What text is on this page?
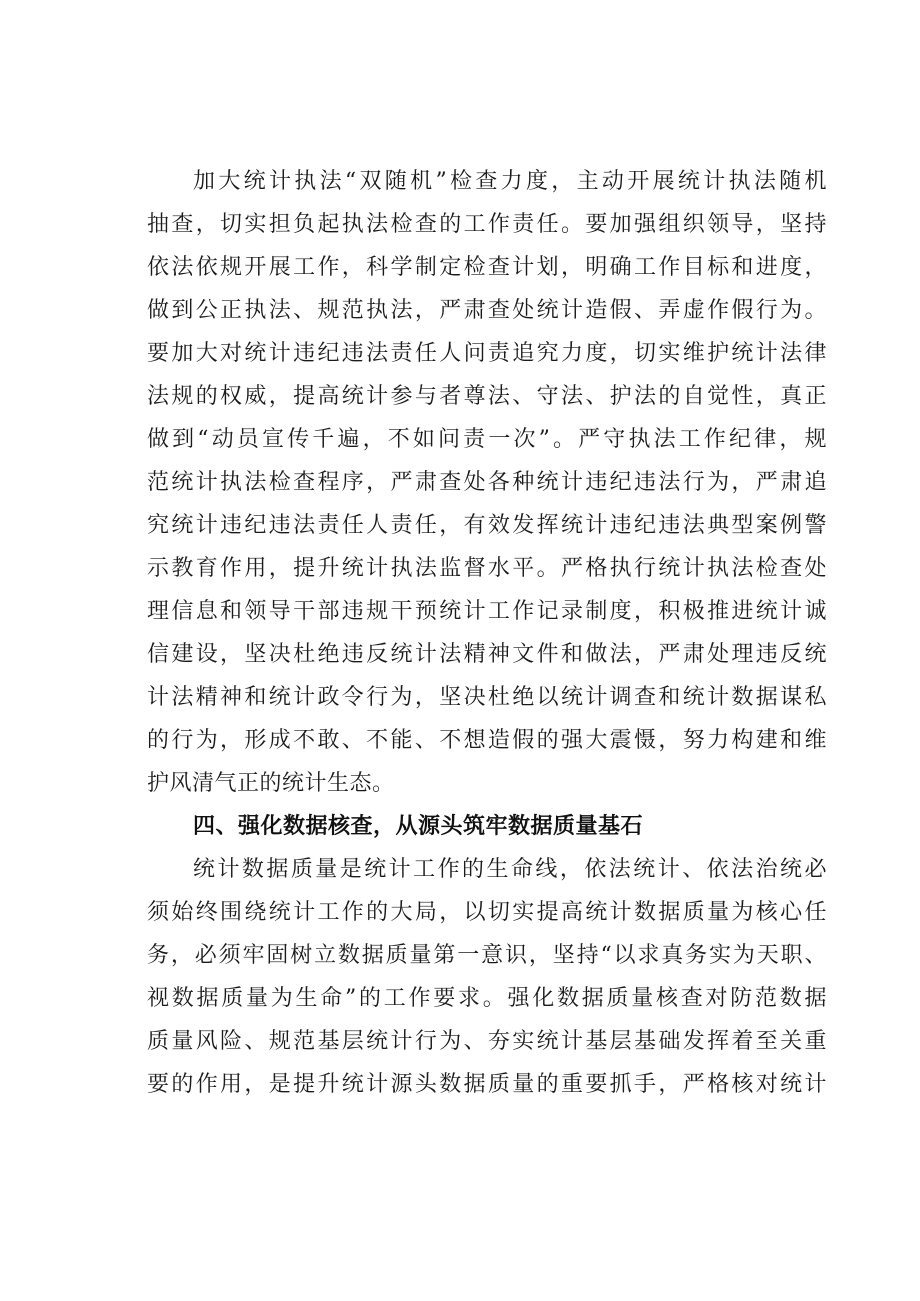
加大统计执法“双随机”检查力度，主动开展统计执法随机
抽查，切实担负起执法检查的工作责任。要加强组织领导，坚持
依法依规开展工作，科学制定检查计划，明确工作目标和进度，
做到公正执法、规范执法，严肃查处统计造假、弄虚作假行为。
要加大对统计违纪违法责任人问责追究力度，切实维护统计法律
法规的权威，提高统计参与者尊法、守法、护法的自觉性，真正
做到“动员宣传千遍，不如问责一次”。严守执法工作纪律，规
范统计执法检查程序，严肃查处各种统计违纪违法行为，严肃追
究统计违纪违法责任人责任，有效发挥统计违纪违法典型案例警
示教育作用，提升统计执法监督水平。严格执行统计执法检查处
理信息和领导干部违规干预统计工作记录制度，积极推进统计诚
信建设，坚决杜绝违反统计法精神文件和做法，严肃处理违反统
计法精神和统计政令行为，坚决杜绝以统计调查和统计数据谋私
的行为，形成不敢、不能、不想造假的强大震慑，努力构建和维
护风清气正的统计生态。
四、强化数据核查，从源头筑牢数据质量基石
统计数据质量是统计工作的生命线，依法统计、依法治统必
须始终围绕统计工作的大局，以切实提高统计数据质量为核心任
务，必须牢固树立数据质量第一意识，坚持“以求真务实为天职、
视数据质量为生命”的工作要求。强化数据质量核查对防范数据
质量风险、规范基层统计行为、夯实统计基层基础发挥着至关重
要的作用，是提升统计源头数据质量的重要抓手，严格核对统计
